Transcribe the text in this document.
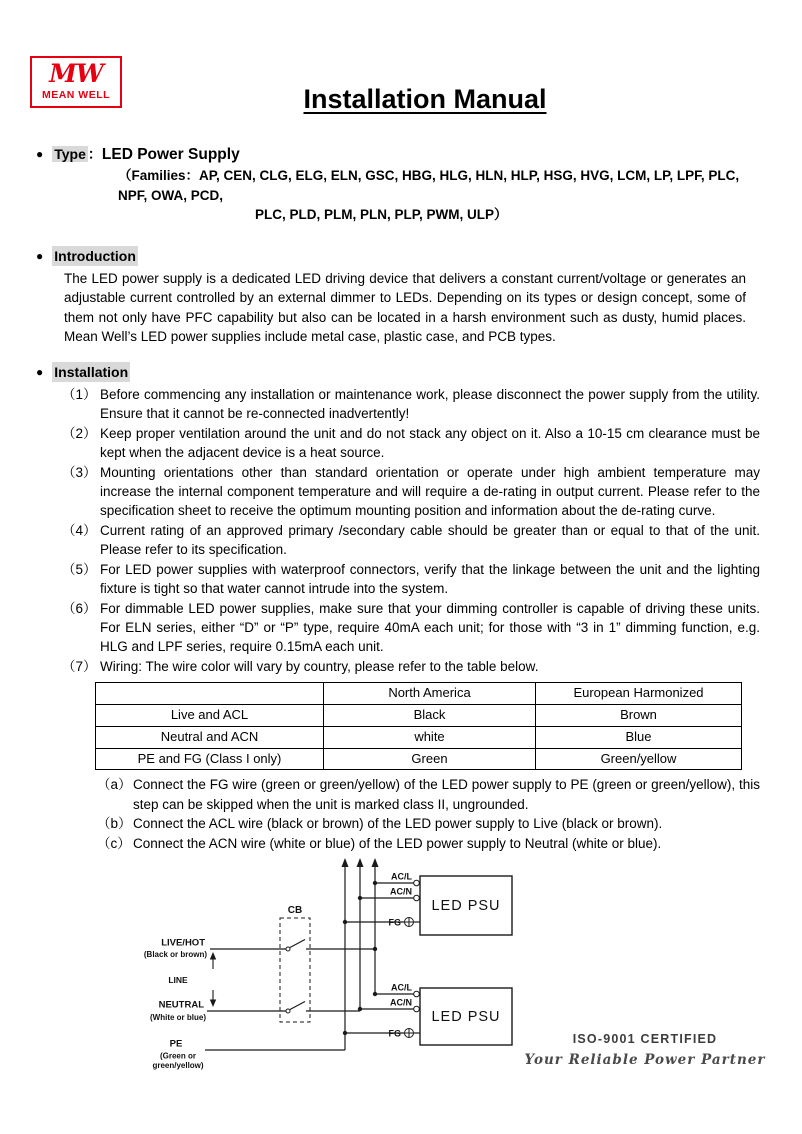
MW
MEAN WELL	Installation Manual
● Type ：LED Power Supply
（Families：AP, CEN, CLG, ELG, ELN, GSC, HBG, HLG, HLN, HLP, HSG, HVG, LCM, LP, LPF, PLC, NPF, OWA, PCD,
PLC, PLD, PLM, PLN, PLP, PWM, ULP）
● Introduction
The LED power supply is a dedicated LED driving device that delivers a constant current/voltage or generates an adjustable current controlled by an external dimmer to LEDs. Depending on its types or design concept, some of them not only have PFC capability but also can be located in a harsh environment such as dusty, humid places. Mean Well’s LED power supplies include metal case, plastic case, and PCB types.
● Installation
（1） Before commencing any installation or maintenance work, please disconnect the power supply from the utility. Ensure that it cannot be re-connected inadvertently!
（2） Keep proper ventilation around the unit and do not stack any object on it. Also a 10-15 cm clearance must be kept when the adjacent device is a heat source.
（3） Mounting orientations other than standard orientation or operate under high ambient temperature may increase the internal component temperature and will require a de-rating in output current. Please refer to the specification sheet to receive the optimum mounting position and information about the de-rating curve.
（4） Current rating of an approved primary /secondary cable should be greater than or equal to that of the unit. Please refer to its specification.
（5） For LED power supplies with waterproof connectors, verify that the linkage between the unit and the lighting fixture is tight so that water cannot intrude into the system.
（6） For dimmable LED power supplies, make sure that your dimming controller is capable of driving these units. For ELN series, either “D” or “P” type, require 40mA each unit; for those with “3 in 1” dimming function, e.g. HLG and LPF series, require 0.15mA each unit.
（7） Wiring: The wire color will vary by country, please refer to the table below.
	North America	European Harmonized
Live and ACL	Black	Brown
Neutral and ACN	white	Blue
PE and FG (Class I only)	Green	Green/yellow
（a） Connect the FG wire (green or green/yellow) of the LED power supply to PE (green or green/yellow), this step can be skipped when the unit is marked class II, ungrounded.
（b） Connect the ACL wire (black or brown) of the LED power supply to Live (black or brown).
（c） Connect the ACN wire (white or blue) of the LED power supply to Neutral (white or blue).
CB
LIVE/HOT
(Black or brown)
LINE
NEUTRAL
(White or blue)
PE
(Green or
green/yellow)
LED PSU
LED PSU
AC/L
AC/N
FG
AC/L
AC/N
FG	ISO-9001 CERTIFIED
Your Reliable Power Partner
